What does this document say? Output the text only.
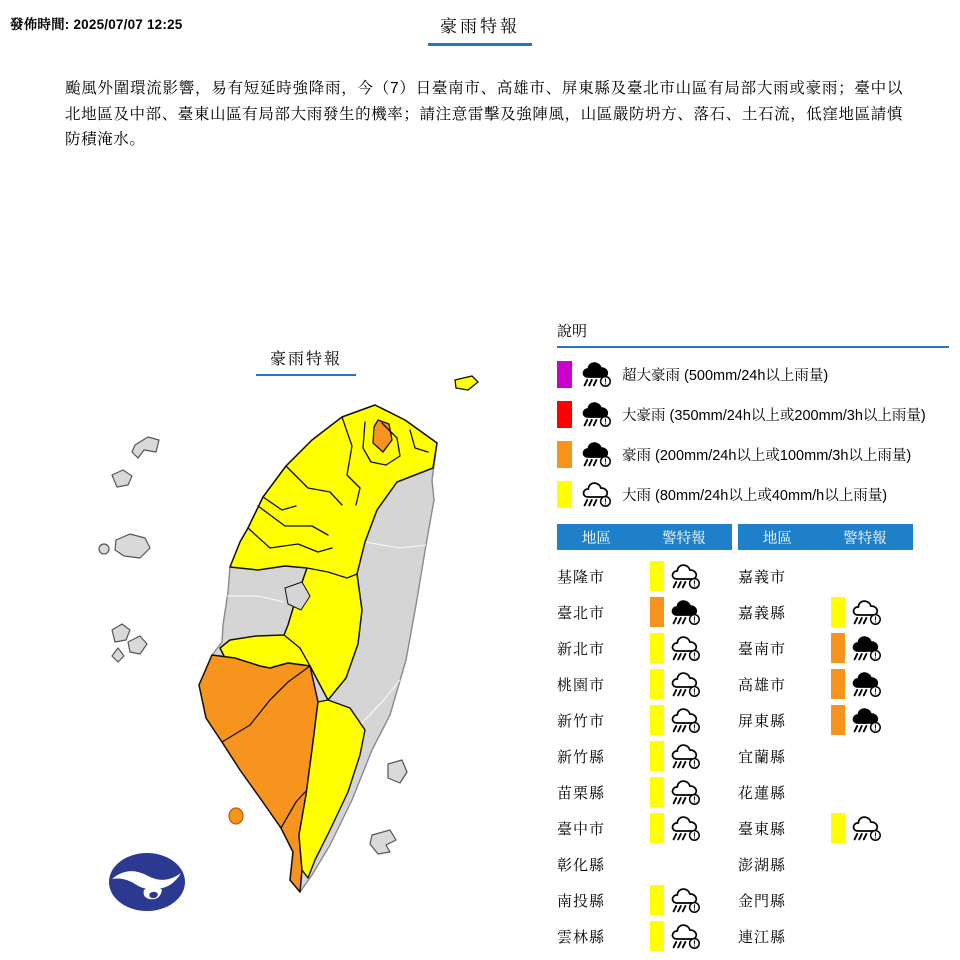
發佈時間: 2025/07/07 12:25	豪雨特報
颱風外圍環流影響，易有短延時強降雨，今（7）日臺南市、高雄市、屏東縣及臺北市山區有局部大雨或豪雨；臺中以北地區及中部、臺東山區有局部大雨發生的機率；請注意雷擊及強陣風，山區嚴防坍方、落石、土石流，低窪地區請慎防積淹水。
豪雨特報
說明
! 超大豪雨 (500mm/24h以上雨量)
! 大豪雨 (350mm/24h以上或200mm/3h以上雨量)
! 豪雨 (200mm/24h以上或100mm/3h以上雨量)
! 大雨 (80mm/24h以上或40mm/h以上雨量)
地區	警特報
基隆市	!
臺北市	!
新北市	!
桃園市	!
新竹市	!
新竹縣	!
苗栗縣	!
臺中市	!
彰化縣
南投縣	!
雲林縣	!
地區	警特報
嘉義市
嘉義縣	!
臺南市	!
高雄市	!
屏東縣	!
宜蘭縣
花蓮縣
臺東縣	!
澎湖縣
金門縣
連江縣
